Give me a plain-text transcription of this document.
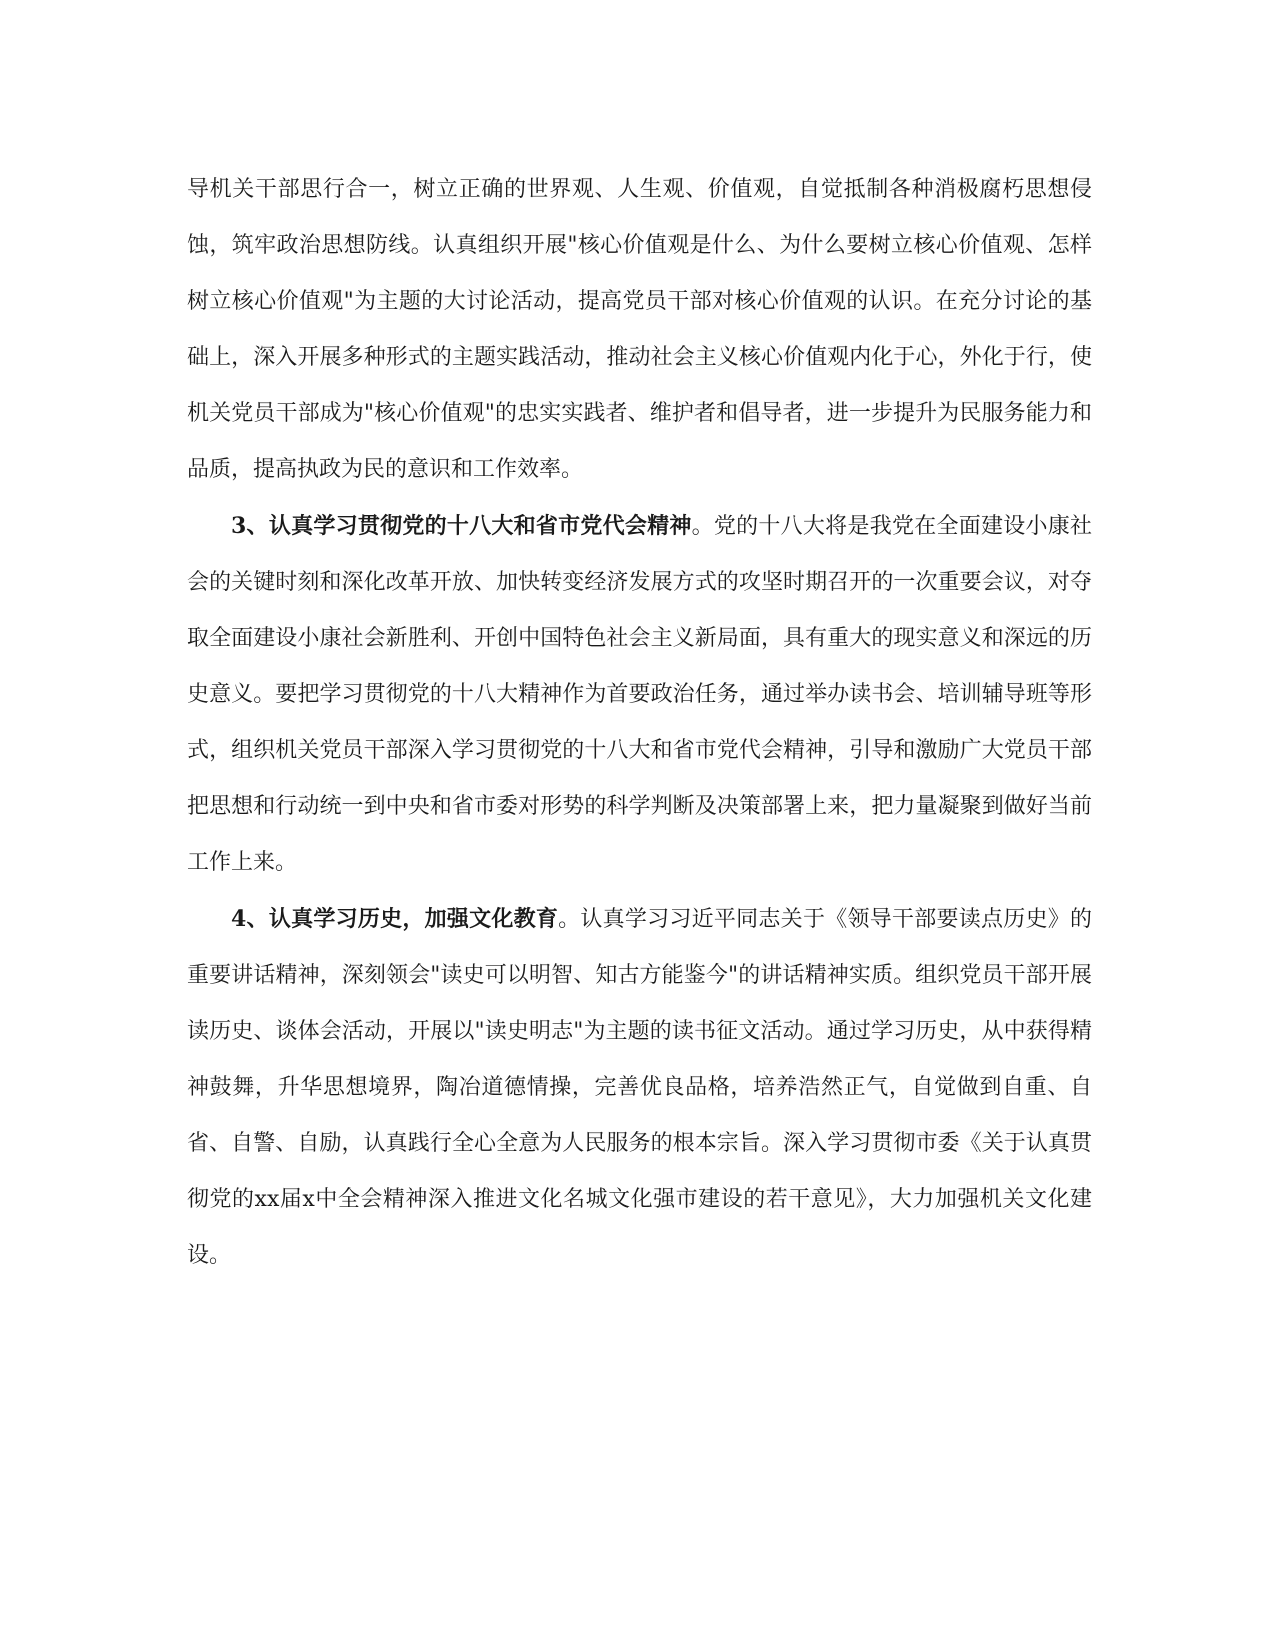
导机关干部思行合一，树立正确的世界观、人生观、价值观，自觉抵制各种消极腐朽思想侵蚀，筑牢政治思想防线。认真组织开展"核心价值观是什么、为什么要树立核心价值观、怎样树立核心价值观"为主题的大讨论活动，提高党员干部对核心价值观的认识。在充分讨论的基础上，深入开展多种形式的主题实践活动，推动社会主义核心价值观内化于心，外化于行，使机关党员干部成为"核心价值观"的忠实实践者、维护者和倡导者，进一步提升为民服务能力和品质，提高执政为民的意识和工作效率。

3、认真学习贯彻党的十八大和省市党代会精神。党的十八大将是我党在全面建设小康社会的关键时刻和深化改革开放、加快转变经济发展方式的攻坚时期召开的一次重要会议，对夺取全面建设小康社会新胜利、开创中国特色社会主义新局面，具有重大的现实意义和深远的历史意义。要把学习贯彻党的十八大精神作为首要政治任务，通过举办读书会、培训辅导班等形式，组织机关党员干部深入学习贯彻党的十八大和省市党代会精神，引导和激励广大党员干部把思想和行动统一到中央和省市委对形势的科学判断及决策部署上来，把力量凝聚到做好当前工作上来。

4、认真学习历史，加强文化教育。认真学习习近平同志关于《领导干部要读点历史》的重要讲话精神，深刻领会"读史可以明智、知古方能鉴今"的讲话精神实质。组织党员干部开展读历史、谈体会活动，开展以"读史明志"为主题的读书征文活动。通过学习历史，从中获得精神鼓舞，升华思想境界，陶冶道德情操，完善优良品格，培养浩然正气，自觉做到自重、自省、自警、自励，认真践行全心全意为人民服务的根本宗旨。深入学习贯彻市委《关于认真贯彻党的xx届x中全会精神深入推进文化名城文化强市建设的若干意见》，大力加强机关文化建设。
